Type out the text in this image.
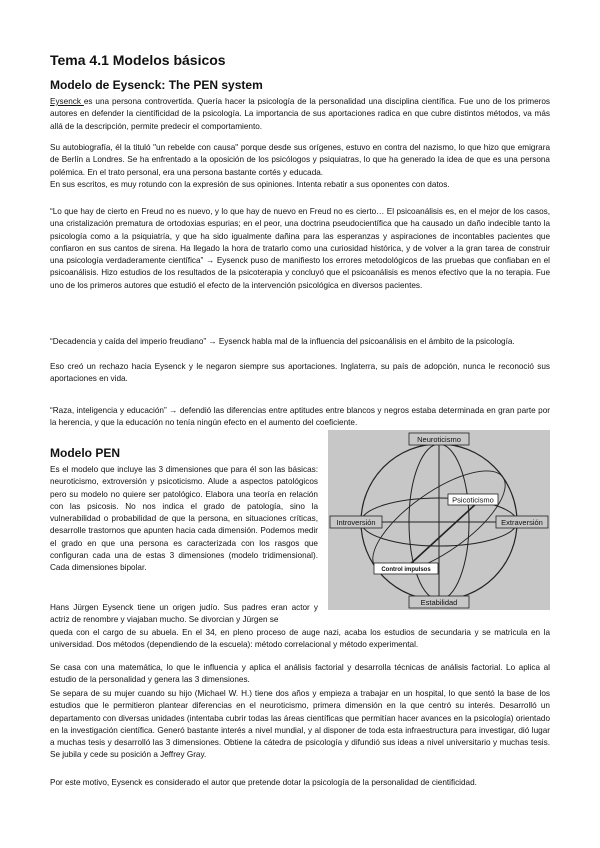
Tema 4.1 Modelos básicos
Modelo de Eysenck: The PEN system

Eysenck es una persona controvertida. Quería hacer la psicología de la personalidad una disciplina científica. Fue uno de los primeros autores en defender la científicidad de la psicología. La importancia de sus aportaciones radica en que cubre distintos métodos, va más allá de la descripción, permite predecir el comportamiento.

Su autobiografía, él la tituló "un rebelde con causa" porque desde sus orígenes, estuvo en contra del nazismo, lo que hizo que emigrara de Berlín a Londres. Se ha enfrentado a la oposición de los psicólogos y psiquiatras, lo que ha generado la idea de que es una persona polémica. En el trato personal, era una persona bastante cortés y educada.

En sus escritos, es muy rotundo con la expresión de sus opiniones. Intenta rebatir a sus oponentes con datos.

“Lo que hay de cierto en Freud no es nuevo, y lo que hay de nuevo en Freud no es cierto… El psicoanálisis es, en el mejor de los casos, una cristalización prematura de ortodoxias espurias; en el peor, una doctrina pseudocientífica que ha causado un daño indecible tanto la psicología como a la psiquiatría, y que ha sido igualmente dañina para las esperanzas y aspiraciones de incontables pacientes que confiaron en sus cantos de sirena. Ha llegado la hora de tratarlo como una curiosidad histórica, y de volver a la gran tarea de construir una psicología verdaderamente científica” → Eysenck puso de manifiesto los errores metodológicos de las pruebas que confiaban en el psicoanálisis. Hizo estudios de los resultados de la psicoterapia y concluyó que el psicoanálisis es menos efectivo que la no terapia. Fue uno de los primeros autores que estudió el efecto de la intervención psicológica en diversos pacientes.

“Decadencia y caída del imperio freudiano” → Eysenck habla mal de la influencia del psicoanálisis en el ámbito de la psicología.

Eso creó un rechazo hacia Eysenck y le negaron siempre sus aportaciones. Inglaterra, su país de adopción, nunca le reconoció sus aportaciones en vida.

“Raza, inteligencia y educación” → defendió las diferencias entre aptitudes entre blancos y negros estaba determinada en gran parte por la herencia, y que la educación no tenía ningún efecto en el aumento del coeficiente.

Modelo PEN

Es el modelo que incluye las 3 dimensiones que para él son las básicas: neuroticismo, extroversión y psicoticismo. Alude a aspectos patológicos pero su modelo no quiere ser patológico. Elabora una teoría en relación con las psicosis. No nos indica el grado de patología, sino la vulnerabilidad o probabilidad de que la persona, en situaciones críticas, desarrolle trastornos que apunten hacia cada dimensión. Podemos medir el grado en que una persona es caracterizada con los rasgos que configuran cada una de estas 3 dimensiones (modelo tridimensional). Cada dimensiones bipolar.

Hans Jürgen Eysenck tiene un origen judío. Sus padres eran actor y actriz de renombre y viajaban mucho. Se divorcian y Jürgen se

queda con el cargo de su abuela. En el 34, en pleno proceso de auge nazi, acaba los estudios de secundaria y se matricula en la universidad. Dos métodos (dependiendo de la escuela): método correlacional y método experimental.

Se casa con una matemática, lo que le influencia y aplica el análisis factorial y desarrolla técnicas de análisis factorial. Lo aplica al estudio de la personalidad y genera las 3 dimensiones.

Se separa de su mujer cuando su hijo (Michael W. H.) tiene dos años y empieza a trabajar en un hospital, lo que sentó la base de los estudios que le permitieron plantear diferencias en el neuroticismo, primera dimensión en la que centró su interés. Desarrolló un departamento con diversas unidades (intentaba cubrir todas las áreas científicas que permitían hacer avances en la psicología) orientado en la investigación científica. Generó bastante interés a nivel mundial, y al disponer de toda esta infraestructura para investigar, dió lugar a muchas tesis y desarrolló las 3 dimensiones. Obtiene la cátedra de psicología y difundió sus ideas a nivel universitario y muchas tesis. Se jubila y cede su posición a Jeffrey Gray.

Por este motivo, Eysenck es considerado el autor que pretende dotar la psicología de la personalidad de cientificidad.

Neuroticismo
Estabilidad
Introversión	Extraversión
Psicoticismo
Control impulsos
